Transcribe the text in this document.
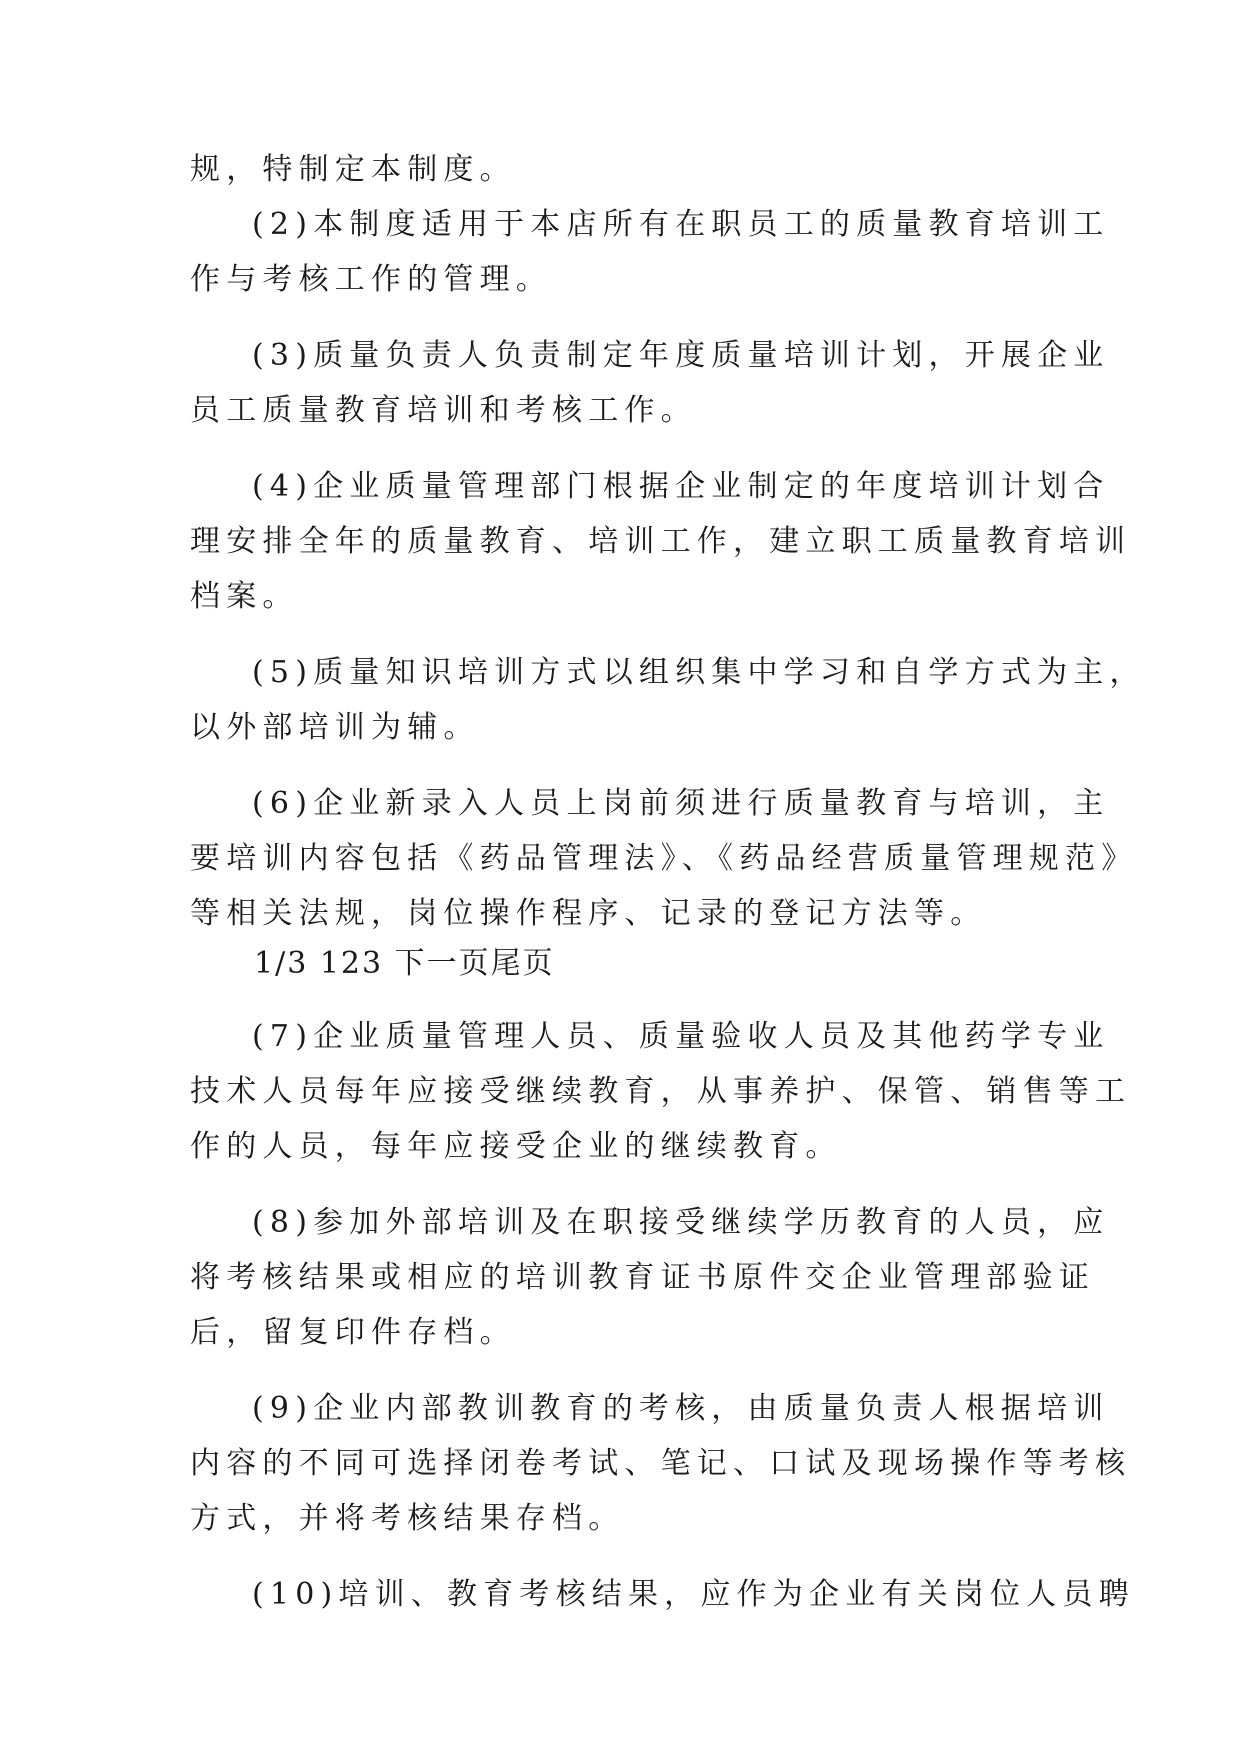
规，特制定本制度。
(2)本制度适用于本店所有在职员工的质量教育培训工
作与考核工作的管理。
(3)质量负责人负责制定年度质量培训计划，开展企业
员工质量教育培训和考核工作。
(4)企业质量管理部门根据企业制定的年度培训计划合
理安排全年的质量教育、培训工作，建立职工质量教育培训
档案。
(5)质量知识培训方式以组织集中学习和自学方式为主，
以外部培训为辅。
(6)企业新录入人员上岗前须进行质量教育与培训，主
要培训内容包括《药品管理法》、《药品经营质量管理规范》
等相关法规，岗位操作程序、记录的登记方法等。
1/3 123 下一页尾页
(7)企业质量管理人员、质量验收人员及其他药学专业
技术人员每年应接受继续教育，从事养护、保管、销售等工
作的人员，每年应接受企业的继续教育。
(8)参加外部培训及在职接受继续学历教育的人员，应
将考核结果或相应的培训教育证书原件交企业管理部验证
后，留复印件存档。
(9)企业内部教训教育的考核，由质量负责人根据培训
内容的不同可选择闭卷考试、笔记、口试及现场操作等考核
方式，并将考核结果存档。
(10)培训、教育考核结果，应作为企业有关岗位人员聘
